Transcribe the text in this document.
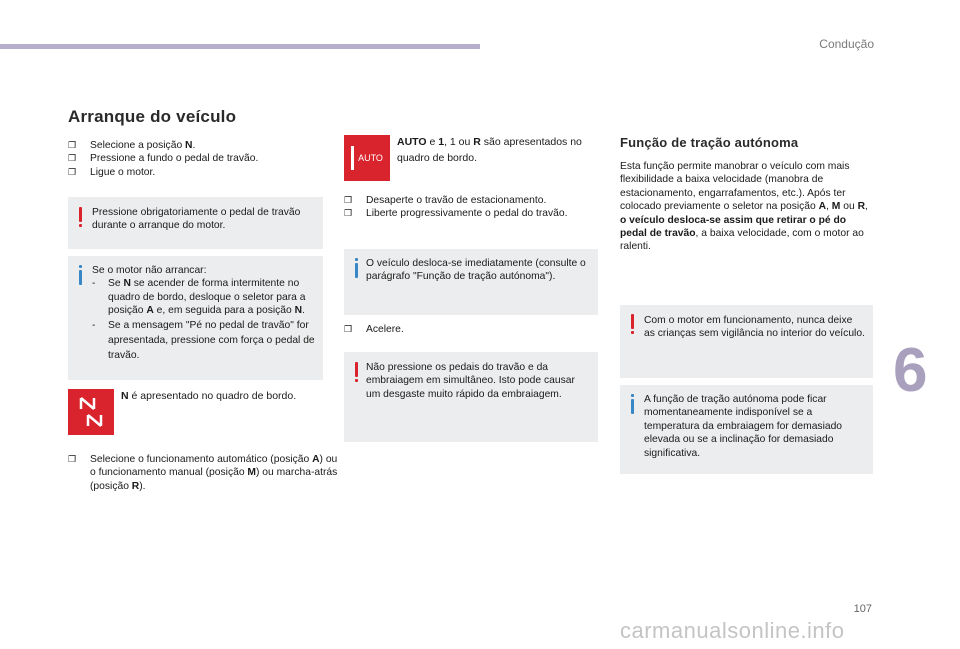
Condução
6
107
carmanualsonline.info
Arranque do veículo
❒	Selecione a posição N.
❒	Pressione a fundo o pedal de travão.
❒	Ligue o motor.
Pressione obrigatoriamente o pedal de travão durante o arranque do motor.
Se o motor não arrancar:
-	Se N se acender de forma intermitente no quadro de bordo, desloque o seletor para a posição A e, em seguida para a posição N.
-	Se a mensagem "Pé no pedal de travão" for apresentada, pressione com força o pedal de travão.
N é apresentado no quadro de bordo.
❒	Selecione o funcionamento automático (posição A) ou o funcionamento manual (posição M) ou marcha-atrás (posição R).
AUTO
AUTO e 1, 1 ou R são apresentados no quadro de bordo.
❒	Desaperte o travão de estacionamento.
❒	Liberte progressivamente o pedal do travão.
O veículo desloca-se imediatamente (consulte o parágrafo "Função de tração autónoma").
❒	Acelere.
Não pressione os pedais do travão e da embraiagem em simultâneo. Isto pode causar um desgaste muito rápido da embraiagem.
Função de tração autónoma
Esta função permite manobrar o veículo com mais flexibilidade a baixa velocidade (manobra de estacionamento, engarrafamentos, etc.). Após ter colocado previamente o seletor na posição A, M ou R, o veículo desloca-se assim que retirar o pé do pedal de travão, a baixa velocidade, com o motor ao ralenti.
Com o motor em funcionamento, nunca deixe as crianças sem vigilância no interior do veículo.
A função de tração autónoma pode ficar momentaneamente indisponível se a temperatura da embraiagem for demasiado elevada ou se a inclinação for demasiado significativa.
